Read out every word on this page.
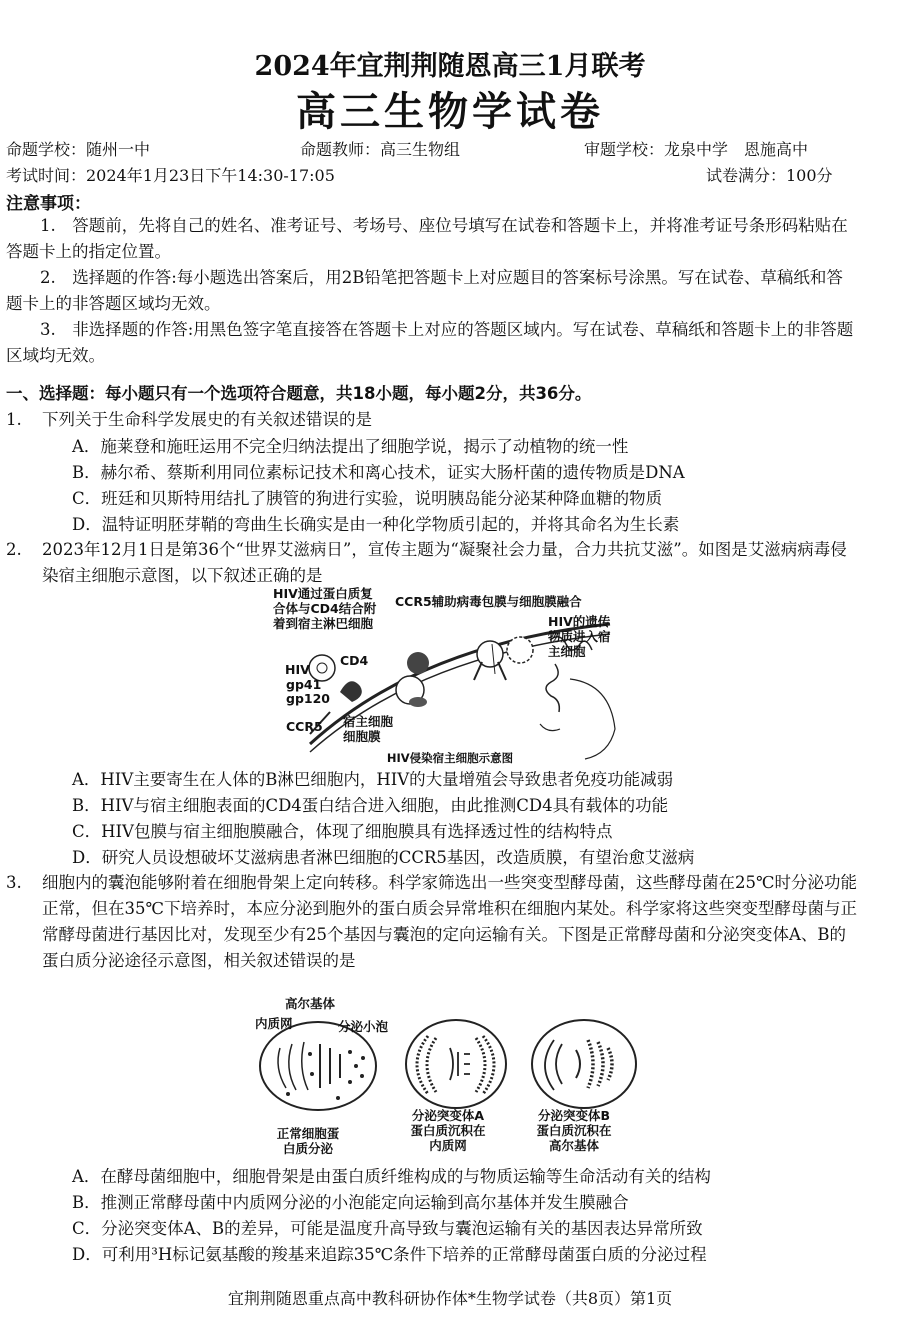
2024年宜荆荆随恩高三1月联考
高三生物学试卷
命题学校：随州一中	命题教师：高三生物组	审题学校：龙泉中学　恩施高中
考试时间：2024年1月23日下午14:30-17:05	试卷满分：100分
注意事项：
1.　答题前，先将自己的姓名、准考证号、考场号、座位号填写在试卷和答题卡上，并将准考证号条形码粘贴在答题卡上的指定位置。
2.　选择题的作答:每小题选出答案后，用2B铅笔把答题卡上对应题目的答案标号涂黑。写在试卷、草稿纸和答题卡上的非答题区域均无效。
3.　非选择题的作答:用黑色签字笔直接答在答题卡上对应的答题区域内。写在试卷、草稿纸和答题卡上的非答题区域均无效。
一、选择题：每小题只有一个选项符合题意，共18小题，每小题2分，共36分。
1. 下列关于生命科学发展史的有关叙述错误的是
A．施莱登和施旺运用不完全归纳法提出了细胞学说，揭示了动植物的统一性
B．赫尔希、蔡斯利用同位素标记技术和离心技术，证实大肠杆菌的遗传物质是DNA
C．班廷和贝斯特用结扎了胰管的狗进行实验，说明胰岛能分泌某种降血糖的物质
D．温特证明胚芽鞘的弯曲生长确实是由一种化学物质引起的，并将其命名为生长素
2. 2023年12月1日是第36个“世界艾滋病日”，宣传主题为“凝聚社会力量，合力共抗艾滋”。如图是艾滋病病毒侵染宿主细胞示意图，以下叙述正确的是
HIV通过蛋白质复合体与CD4结合附着到宿主淋巴细胞
CCR5辅助病毒包膜与细胞膜融合
HIV的遗传物质进入宿主细胞
HIV
CD4
gp41
gp120
CCR5 宿主细胞细胞膜
HIV侵染宿主细胞示意图
A．HIV主要寄生在人体的B淋巴细胞内，HIV的大量增殖会导致患者免疫功能减弱
B．HIV与宿主细胞表面的CD4蛋白结合进入细胞，由此推测CD4具有载体的功能
C．HIV包膜与宿主细胞膜融合，体现了细胞膜具有选择透过性的结构特点
D．研究人员设想破坏艾滋病患者淋巴细胞的CCR5基因，改造质膜，有望治愈艾滋病
3. 细胞内的囊泡能够附着在细胞骨架上定向转移。科学家筛选出一些突变型酵母菌，这些酵母菌在25℃时分泌功能正常，但在35℃下培养时，本应分泌到胞外的蛋白质会异常堆积在细胞内某处。科学家将这些突变型酵母菌与正常酵母菌进行基因比对，发现至少有25个基因与囊泡的定向运输有关。下图是正常酵母菌和分泌突变体A、B的蛋白质分泌途径示意图，相关叙述错误的是
高尔基体
内质网	分泌小泡
正常细胞蛋白质分泌
分泌突变体A蛋白质沉积在内质网
分泌突变体B蛋白质沉积在高尔基体
A．在酵母菌细胞中，细胞骨架是由蛋白质纤维构成的与物质运输等生命活动有关的结构
B．推测正常酵母菌中内质网分泌的小泡能定向运输到高尔基体并发生膜融合
C．分泌突变体A、B的差异，可能是温度升高导致与囊泡运输有关的基因表达异常所致
D．可利用³H标记氨基酸的羧基来追踪35℃条件下培养的正常酵母菌蛋白质的分泌过程
宜荆荆随恩重点高中教科研协作体*生物学试卷（共8页）第1页
